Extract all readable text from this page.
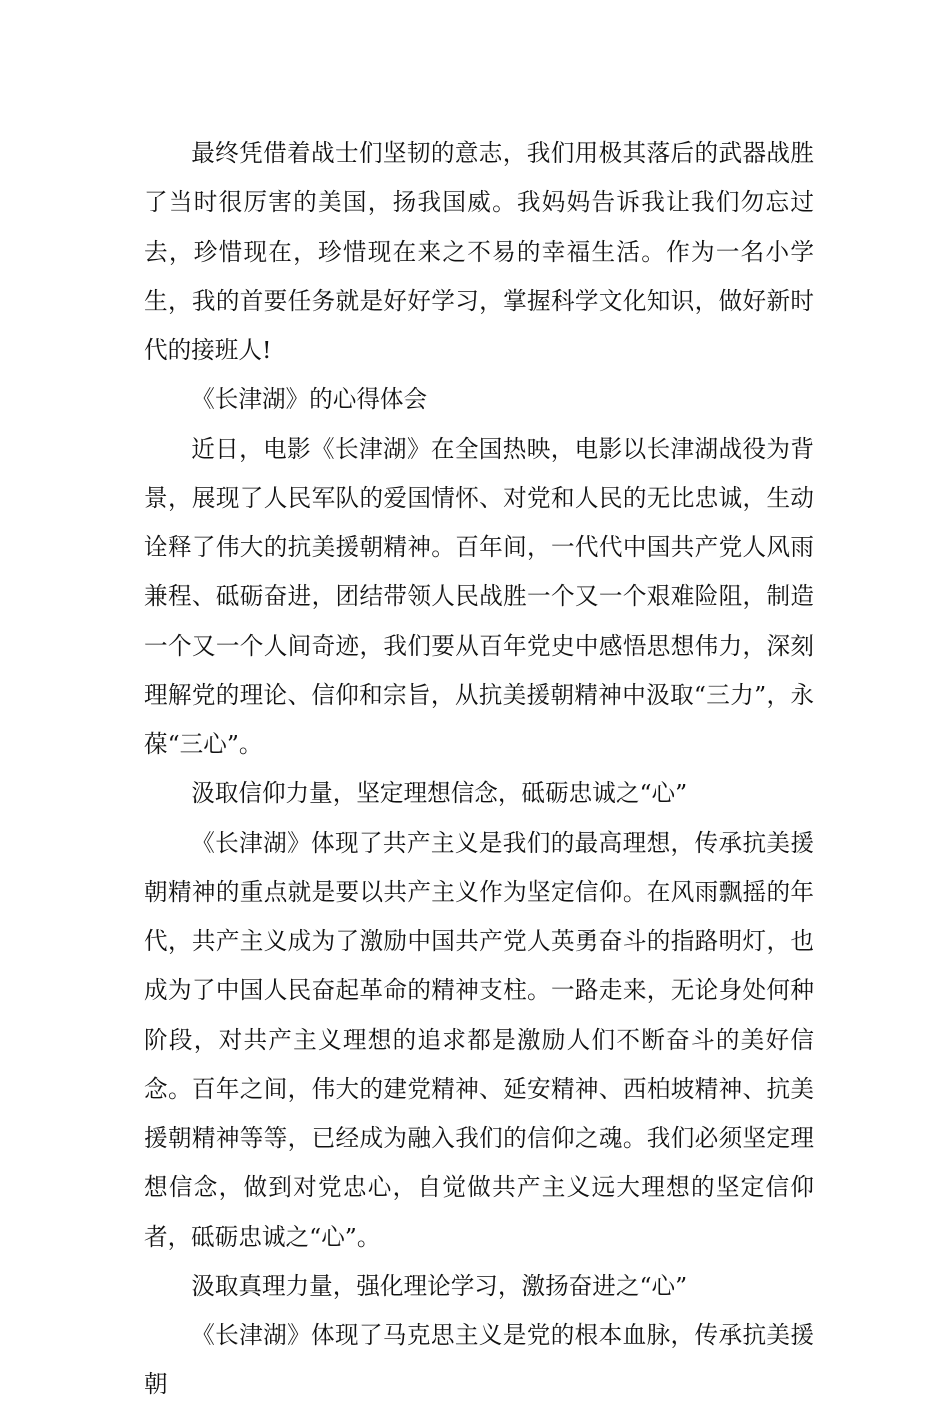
最终凭借着战士们坚韧的意志，我们用极其落后的武器战胜了当时很厉害的美国，扬我国威。我妈妈告诉我让我们勿忘过去，珍惜现在，珍惜现在来之不易的幸福生活。作为一名小学生，我的首要任务就是好好学习，掌握科学文化知识，做好新时代的接班人!

《长津湖》的心得体会

近日，电影《长津湖》在全国热映，电影以长津湖战役为背景，展现了人民军队的爱国情怀、对党和人民的无比忠诚，生动诠释了伟大的抗美援朝精神。百年间，一代代中国共产党人风雨兼程、砥砺奋进，团结带领人民战胜一个又一个艰难险阻，制造一个又一个人间奇迹，我们要从百年党史中感悟思想伟力，深刻理解党的理论、信仰和宗旨，从抗美援朝精神中汲取“三力”，永葆“三心”。

汲取信仰力量，坚定理想信念，砥砺忠诚之“心”

《长津湖》体现了共产主义是我们的最高理想，传承抗美援朝精神的重点就是要以共产主义作为坚定信仰。在风雨飘摇的年代，共产主义成为了激励中国共产党人英勇奋斗的指路明灯，也成为了中国人民奋起革命的精神支柱。一路走来，无论身处何种阶段，对共产主义理想的追求都是激励人们不断奋斗的美好信念。百年之间，伟大的建党精神、延安精神、西柏坡精神、抗美援朝精神等等，已经成为融入我们的信仰之魂。我们必须坚定理想信念，做到对党忠心，自觉做共产主义远大理想的坚定信仰者，砥砺忠诚之“心”。

汲取真理力量，强化理论学习，激扬奋进之“心”

《长津湖》体现了马克思主义是党的根本血脉，传承抗美援朝
